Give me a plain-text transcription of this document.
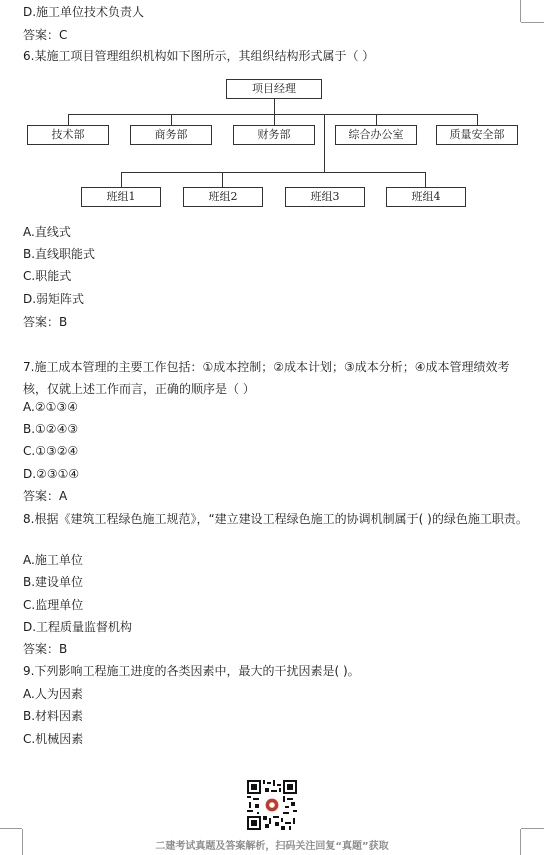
D.施工单位技术负责人
答案：C
6.某施工项目管理组织机构如下图所示，其组织结构形式属于（ ）
项目经理
技术部	商务部	财务部	综合办公室	质量安全部
班组1	班组2	班组3	班组4
A.直线式
B.直线职能式
C.职能式
D.弱矩阵式
答案：B
7.施工成本管理的主要工作包括：①成本控制；②成本计划；③成本分析；④成本管理绩效考核，仅就上述工作而言，正确的顺序是（ ）
A.②①③④
B.①②④③
C.①③②④
D.②③①④
答案：A
8.根据《建筑工程绿色施工规范》，“建立建设工程绿色施工的协调机制属于( )的绿色施工职责。
A.施工单位
B.建设单位
C.监理单位
D.工程质量监督机构
答案：B
9.下列影响工程施工进度的各类因素中，最大的干扰因素是( )。
A.人为因素
B.材料因素
C.机械因素
二建考试真题及答案解析，扫码关注回复“真题”获取
